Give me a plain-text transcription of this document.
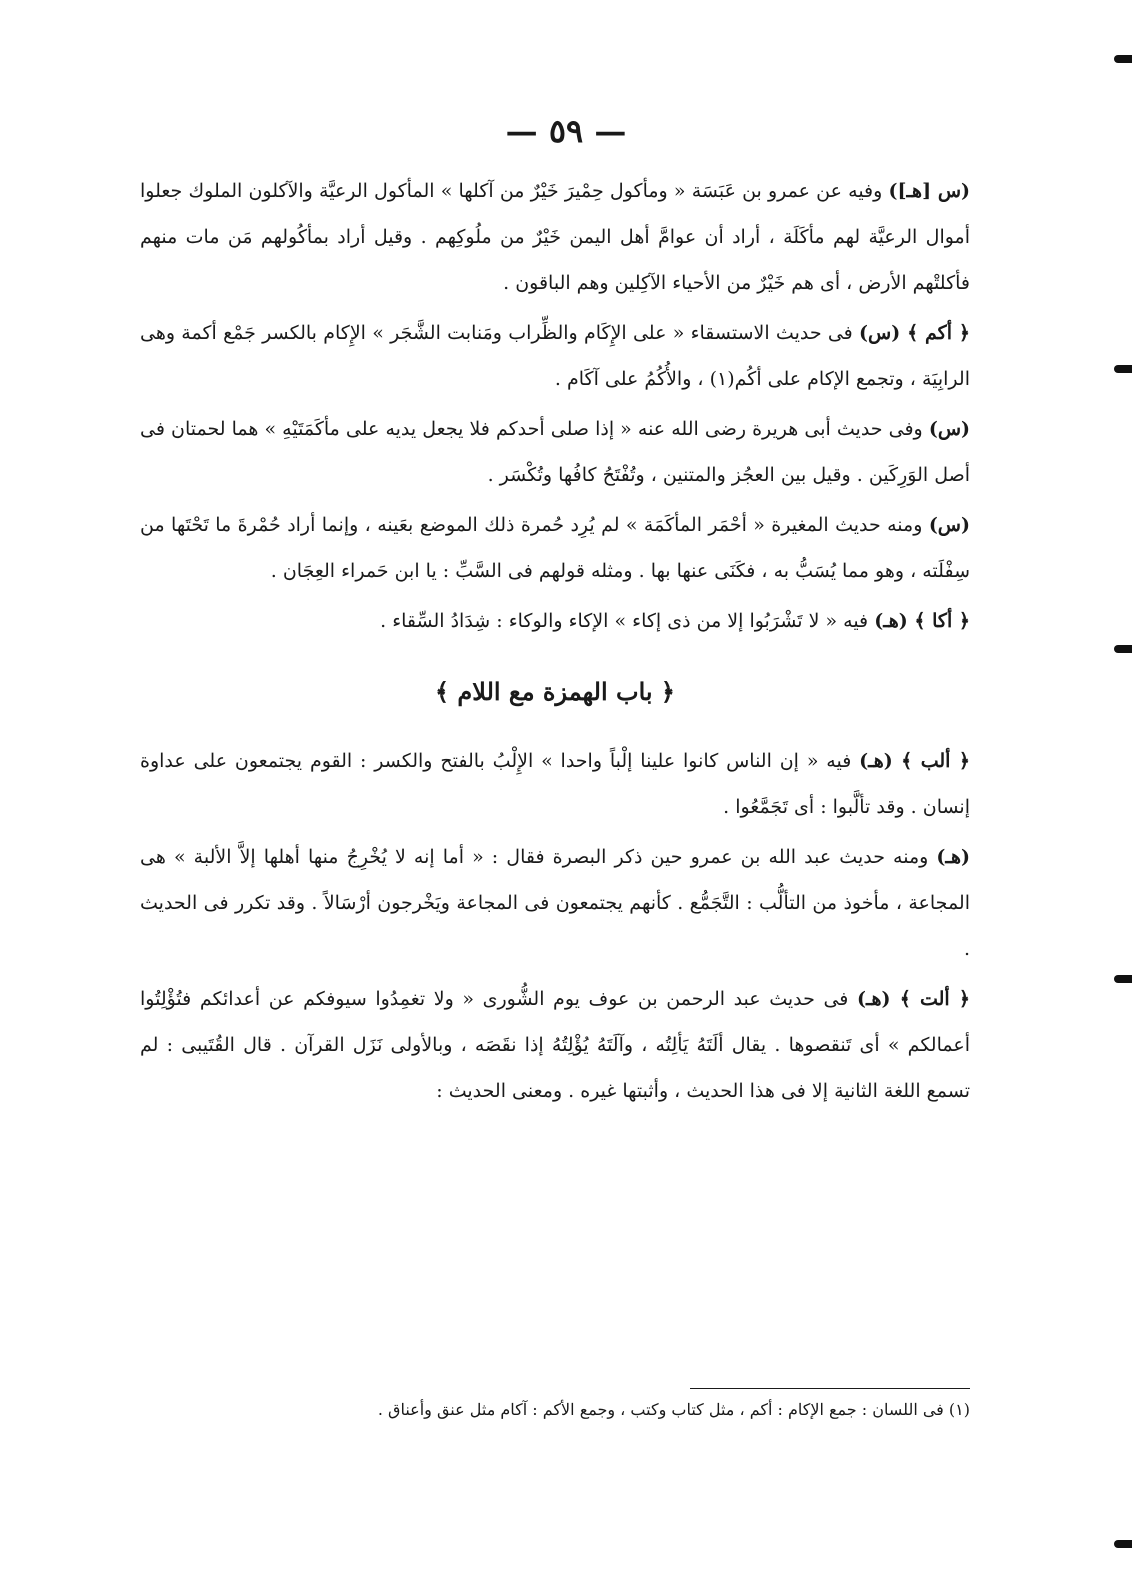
— ٥٩ —
(س [هـ]) وفيه عن عمرو بن عَبَسَة « ومأكول حِمْيرَ خَيْرٌ من آكلها » المأكول الرعيَّة والآكلون الملوك جعلوا أموال الرعيَّة لهم مأكَلَة ، أراد أن عوامَّ أهل اليمن خَيْرٌ من ملُوكِهم . وقيل أراد بمأكُولهم مَن مات منهم فأكلتْهم الأرض ، أى هم خَيْرٌ من الأحياء الآكِلين وهم الباقون .
﴿ أكم ﴾ (س) فى حديث الاستسقاء « على الإِكَام والظِّراب ومَنابت الشَّجَر » الإِكام بالكسر جَمْع أكمة وهى الرابِيَة ، وتجمع الإكام على أكُم(١) ، والأُكُمُ على آكَام .
(س) وفى حديث أبى هريرة رضى الله عنه « إذا صلى أحدكم فلا يجعل يديه على مأكَمَتَيْهِ » هما لحمتان فى أصل الوَرِكَين . وقيل بين العجُز والمتنين ، وتُفْتَحُ كافُها وتُكْسَر .
(س) ومنه حديث المغيرة « أحْمَر المأكَمَة » لم يُرِد حُمرة ذلك الموضع بعَينه ، وإنما أراد حُمْرةَ ما تَحْتَها من سِفْلَته ، وهو مما يُسَبُّ به ، فكَنَى عنها بها . ومثله قولهم فى السَّبِّ : يا ابن حَمراء العِجَان .
﴿ أكا ﴾ (هـ) فيه « لا تَشْرَبُوا إلا من ذى إكاء » الإكاء والوكاء : شِدَادُ السِّقاء .
﴿ باب الهمزة مع اللام ﴾
﴿ ألب ﴾ (هـ) فيه « إن الناس كانوا علينا إلْباً واحدا » الإِلْبُ بالفتح والكسر : القوم يجتمعون على عداوة إنسان . وقد تألَّبوا : أى تَجَمَّعُوا .
(هـ) ومنه حديث عبد الله بن عمرو حين ذكر البصرة فقال : « أما إنه لا يُخْرِجُ منها أهلها إلاَّ الألبة » هى المجاعة ، مأخوذ من التألُّب : التَّجَمُّع . كأنهم يجتمعون فى المجاعة ويَخْرجون أرْسَالاً . وقد تكرر فى الحديث .
﴿ ألت ﴾ (هـ) فى حديث عبد الرحمن بن عوف يوم الشُّورى « ولا تغمِدُوا سيوفكم عن أعدائكم فتُؤْلِتُوا أعمالكم » أى تَنقصوها . يقال ألَتَهُ يَألِتُه ، وآلَتَهُ يُؤْلِتُهُ إذا نقَصَه ، وبالأولى نَزَل القرآن . قال القُتَيبى : لم تسمع اللغة الثانية إلا فى هذا الحديث ، وأثبتها غيره . ومعنى الحديث :
(١) فى اللسان : جمع الإكام : أكم ، مثل كتاب وكتب ، وجمع الأكم : آكام مثل عنق وأعناق .
